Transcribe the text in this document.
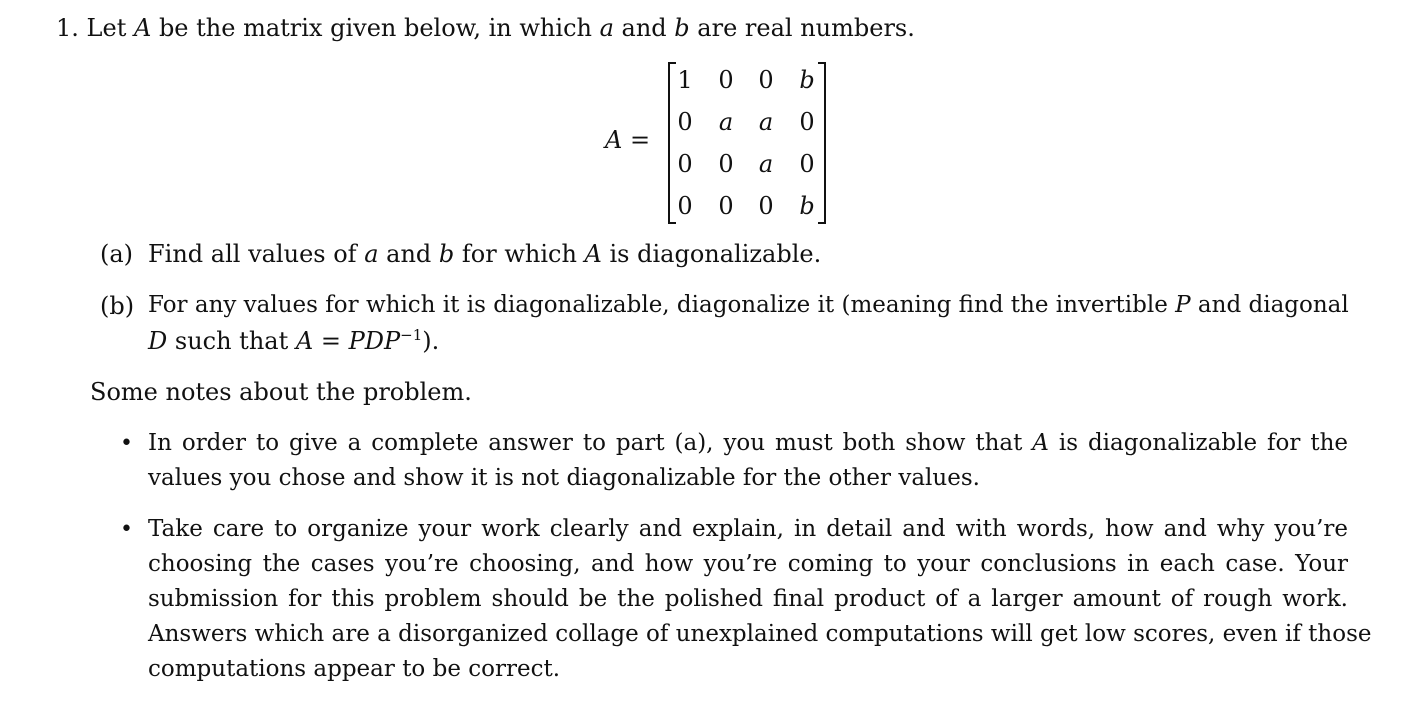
1. Let A be the matrix given below, in which a and b are real numbers.
A =
1	0	0	b
0	a	a	0
0	0	a	0
0	0	0	b
(a) Find all values of a and b for which A is diagonalizable.
(b) For any values for which it is diagonalizable, diagonalize it (meaning find the invertible P and diagonal
D such that $A = PDP^{-1}$).
Some notes about the problem.
• In order to give a complete answer to part (a), you must both show that A is diagonalizable for the
values you chose and show it is not diagonalizable for the other values.
• Take care to organize your work clearly and explain, in detail and with words, how and why you’re
choosing the cases you’re choosing, and how you’re coming to your conclusions in each case. Your
submission for this problem should be the polished final product of a larger amount of rough work.
Answers which are a disorganized collage of unexplained computations will get low scores, even if those
computations appear to be correct.
